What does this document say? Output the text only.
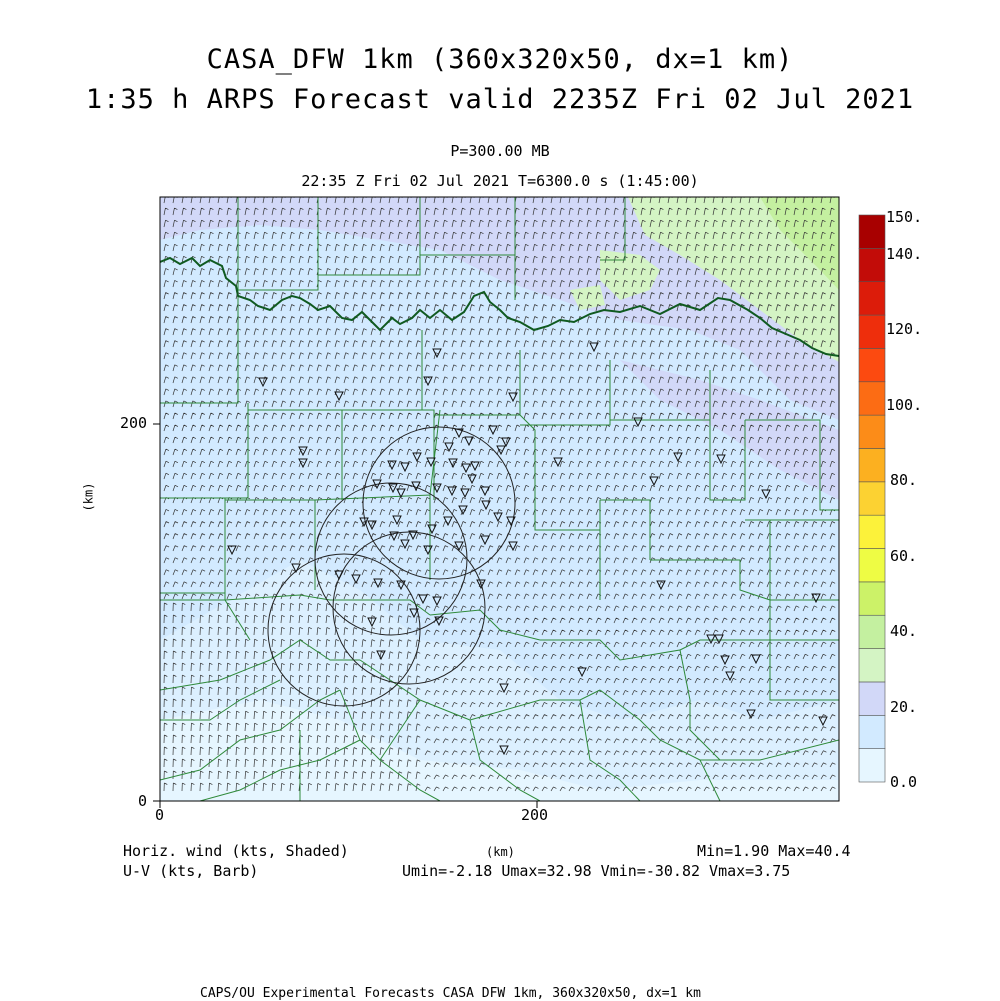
CASA_DFW 1km (360x320x50, dx=1 km)
1:35 h ARPS Forecast valid 2235Z Fri 02 Jul 2021
P=300.00 MB
22:35 Z Fri 02 Jul 2021 T=6300.0 s (1:45:00)
0	200
0
200
(km)
150.
140.
120.
100.
80.
60.
40.
20.
0.0
Horiz. wind (kts, Shaded)
U-V (kts, Barb)
(km)	Min=1.90 Max=40.4
Umin=-2.18 Umax=32.98 Vmin=-30.82 Vmax=3.75
CAPS/OU Experimental Forecasts CASA DFW 1km, 360x320x50, dx=1 km
